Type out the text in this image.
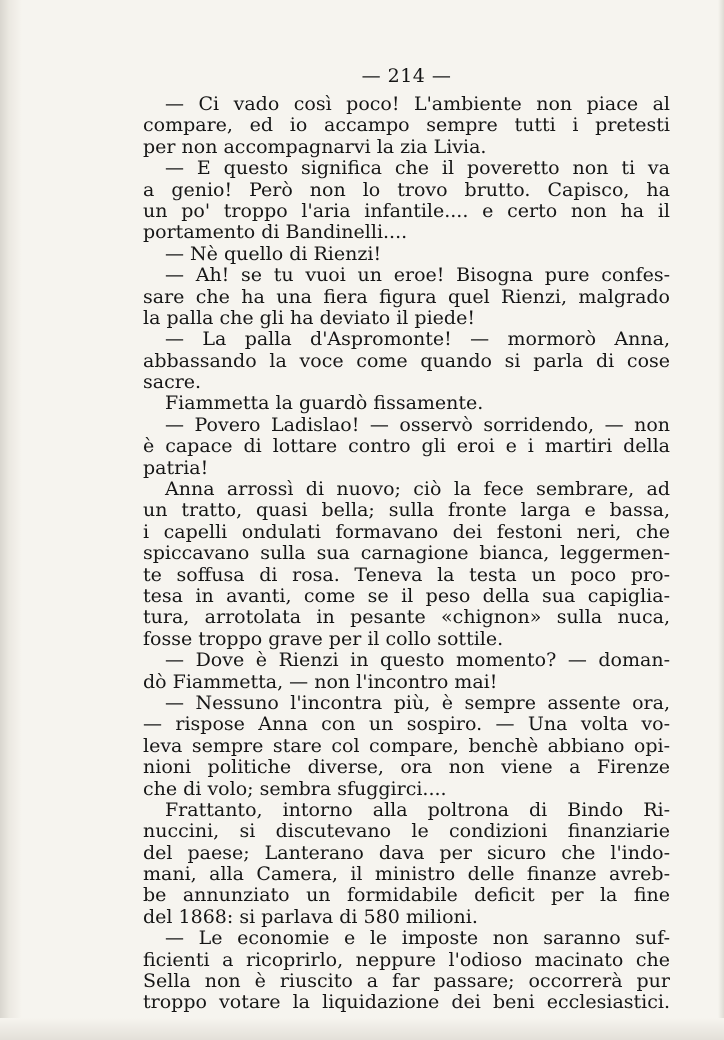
— 214 —
— Ci vado così poco! L'ambiente non piace al
compare, ed io accampo sempre tutti i pretesti
per non accompagnarvi la zia Livia.
— E questo significa che il poveretto non ti va
a genio! Però non lo trovo brutto. Capisco, ha
un po' troppo l'aria infantile.... e certo non ha il
portamento di Bandinelli....
— Nè quello di Rienzi!
— Ah! se tu vuoi un eroe! Bisogna pure confes-
sare che ha una fiera figura quel Rienzi, malgrado
la palla che gli ha deviato il piede!
— La palla d'Aspromonte! — mormorò Anna,
abbassando la voce come quando si parla di cose
sacre.
Fiammetta la guardò fissamente.
— Povero Ladislao! — osservò sorridendo, — non
è capace di lottare contro gli eroi e i martiri della
patria!
Anna arrossì di nuovo; ciò la fece sembrare, ad
un tratto, quasi bella; sulla fronte larga e bassa,
i capelli ondulati formavano dei festoni neri, che
spiccavano sulla sua carnagione bianca, leggermen-
te soffusa di rosa. Teneva la testa un poco pro-
tesa in avanti, come se il peso della sua capiglia-
tura, arrotolata in pesante «chignon» sulla nuca,
fosse troppo grave per il collo sottile.
— Dove è Rienzi in questo momento? — doman-
dò Fiammetta, — non l'incontro mai!
— Nessuno l'incontra più, è sempre assente ora,
— rispose Anna con un sospiro. — Una volta vo-
leva sempre stare col compare, benchè abbiano opi-
nioni politiche diverse, ora non viene a Firenze
che di volo; sembra sfuggirci....
Frattanto, intorno alla poltrona di Bindo Ri-
nuccini, si discutevano le condizioni finanziarie
del paese; Lanterano dava per sicuro che l'indo-
mani, alla Camera, il ministro delle finanze avreb-
be annunziato un formidabile deficit per la fine
del 1868: si parlava di 580 milioni.
— Le economie e le imposte non saranno suf-
ficienti a ricoprirlo, neppure l'odioso macinato che
Sella non è riuscito a far passare; occorrerà pur
troppo votare la liquidazione dei beni ecclesiastici.
